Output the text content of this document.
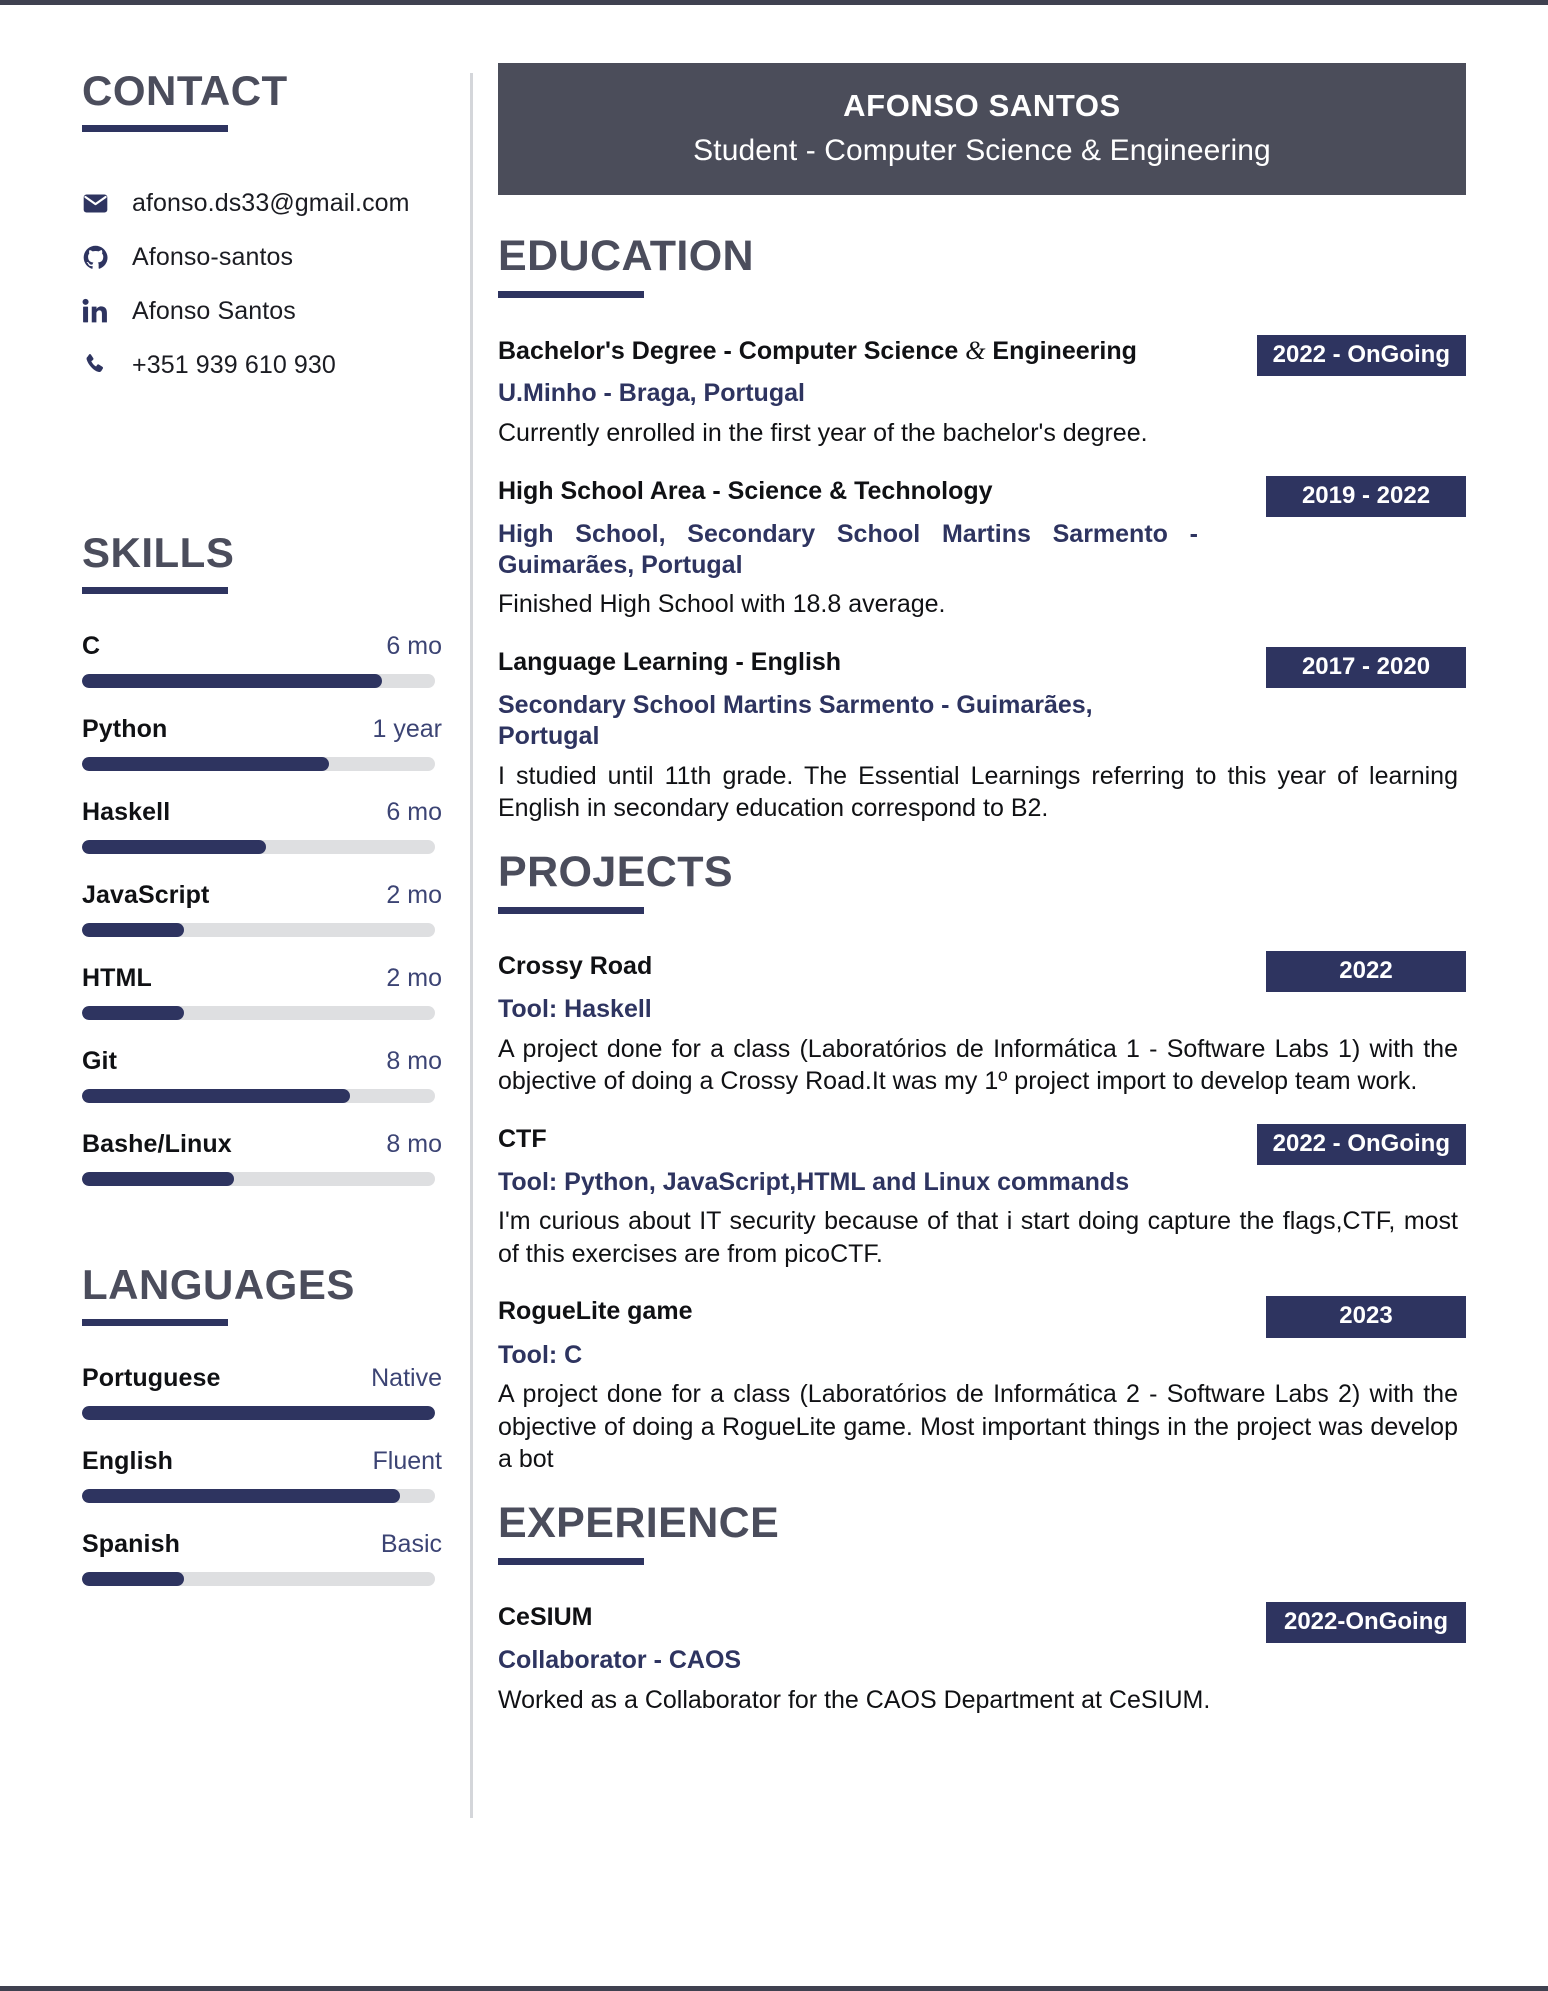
CONTACT
afonso.ds33@gmail.com
Afonso-santos
Afonso Santos
+351 939 610 930
SKILLS
C	6 mo
Python	1 year
Haskell	6 mo
JavaScript	2 mo
HTML	2 mo
Git	8 mo
Bashe/Linux	8 mo
LANGUAGES
Portuguese	Native
English	Fluent
Spanish	Basic
AFONSO SANTOS
Student - Computer Science & Engineering
EDUCATION
Bachelor's Degree - Computer Science & Engineering	2022 - OnGoing
U.Minho - Braga, Portugal
Currently enrolled in the first year of the bachelor's degree.
High School Area - Science & Technology	2019 - 2022
High School, Secondary School Martins Sarmento - Guimarães, Portugal
Finished High School with 18.8 average.
Language Learning - English	2017 - 2020
Secondary School Martins Sarmento - Guimarães, Portugal
I studied until 11th grade. The Essential Learnings referring to this year of learning English in secondary education correspond to B2.
PROJECTS
Crossy Road	2022
Tool: Haskell
A project done for a class (Laboratórios de Informática 1 - Software Labs 1) with the objective of doing a Crossy Road.It was my 1º project import to develop team work.
CTF	2022 - OnGoing
Tool: Python, JavaScript,HTML and Linux commands
I'm curious about IT security because of that i start doing capture the flags,CTF, most of this exercises are from picoCTF.
RogueLite game	2023
Tool: C
A project done for a class (Laboratórios de Informática 2 - Software Labs 2) with the objective of doing a RogueLite game. Most important things in the project was develop a bot
EXPERIENCE
CeSIUM	2022-OnGoing
Collaborator - CAOS
Worked as a Collaborator for the CAOS Department at CeSIUM.
